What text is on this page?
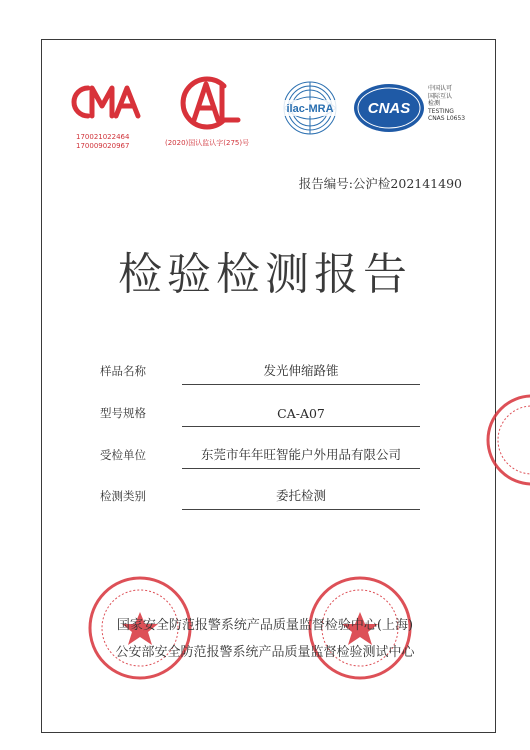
170021022464
170009020967	(2020)国认监认字(275)号
ilac-MRA CNAS
中国认可
国际互认
检测
TESTING
CNAS L0653
报告编号:公沪检202141490
检验检测报告
样品名称	发光伸缩路锥
型号规格	CA-A07
受检单位	东莞市年年旺智能户外用品有限公司
检测类别	委托检测
国家安全防范报警系统产品质量监督检验中心(上海)
公安部安全防范报警系统产品质量监督检验测试中心
